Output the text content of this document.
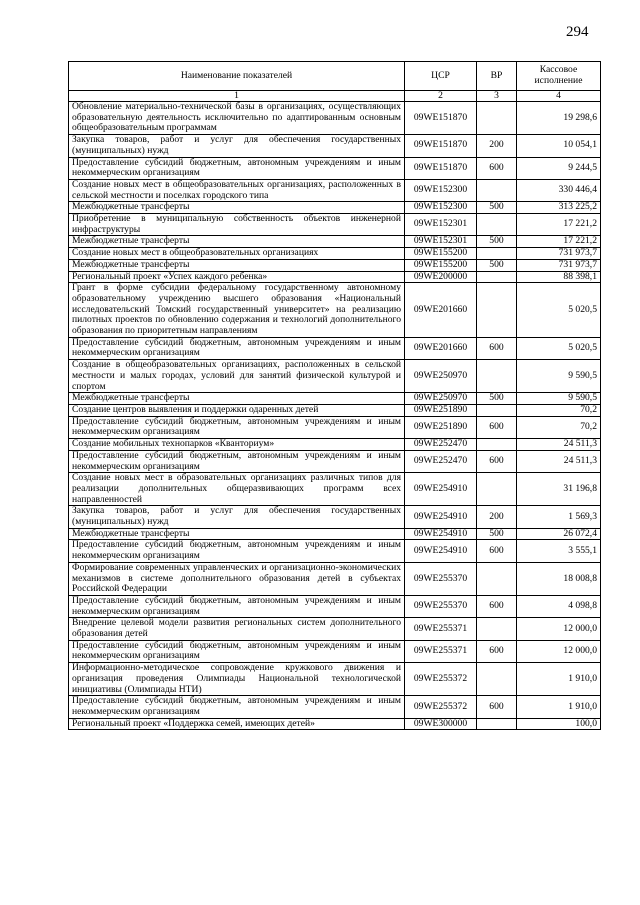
294
Наименование показателей	ЦСР	ВР	Кассовое исполнение
1	2	3	4
Обновление материально-технической базы в организациях, осуществляющих образовательную деятельность исключительно по адаптированным основным общеобразовательным программам	09WE151870		19 298,6
Закупка товаров, работ и услуг для обеспечения государственных (муниципальных) нужд	09WE151870	200	10 054,1
Предоставление субсидий бюджетным, автономным учреждениям и иным некоммерческим организациям	09WE151870	600	9 244,5
Создание новых мест в общеобразовательных организациях, расположенных в сельской местности и поселках городского типа	09WE152300		330 446,4
Межбюджетные трансферты	09WE152300	500	313 225,2
Приобретение в муниципальную собственность объектов инженерной инфраструктуры	09WE152301		17 221,2
Межбюджетные трансферты	09WE152301	500	17 221,2
Создание новых мест в общеобразовательных организациях	09WE155200		731 973,7
Межбюджетные трансферты	09WE155200	500	731 973,7
Региональный проект «Успех каждого ребенка»	09WE200000		88 398,1
Грант в форме субсидии федеральному государственному автономному образовательному учреждению высшего образования «Национальный исследовательский Томский государственный университет» на реализацию пилотных проектов по обновлению содержания и технологий дополнительного образования по приоритетным направлениям	09WE201660		5 020,5
Предоставление субсидий бюджетным, автономным учреждениям и иным некоммерческим организациям	09WE201660	600	5 020,5
Создание в общеобразовательных организациях, расположенных в сельской местности и малых городах, условий для занятий физической культурой и спортом	09WE250970		9 590,5
Межбюджетные трансферты	09WE250970	500	9 590,5
Создание центров выявления и поддержки одаренных детей	09WE251890		70,2
Предоставление субсидий бюджетным, автономным учреждениям и иным некоммерческим организациям	09WE251890	600	70,2
Создание мобильных технопарков «Кванториум»	09WE252470		24 511,3
Предоставление субсидий бюджетным, автономным учреждениям и иным некоммерческим организациям	09WE252470	600	24 511,3
Создание новых мест в образовательных организациях различных типов для реализации дополнительных общеразвивающих программ всех направленностей	09WE254910		31 196,8
Закупка товаров, работ и услуг для обеспечения государственных (муниципальных) нужд	09WE254910	200	1 569,3
Межбюджетные трансферты	09WE254910	500	26 072,4
Предоставление субсидий бюджетным, автономным учреждениям и иным некоммерческим организациям	09WE254910	600	3 555,1
Формирование современных управленческих и организационно-экономических механизмов в системе дополнительного образования детей в субъектах Российской Федерации	09WE255370		18 008,8
Предоставление субсидий бюджетным, автономным учреждениям и иным некоммерческим организациям	09WE255370	600	4 098,8
Внедрение целевой модели развития региональных систем дополнительного образования детей	09WE255371		12 000,0
Предоставление субсидий бюджетным, автономным учреждениям и иным некоммерческим организациям	09WE255371	600	12 000,0
Информационно-методическое сопровождение кружкового движения и организация проведения Олимпиады Национальной технологической инициативы (Олимпиады НТИ)	09WE255372		1 910,0
Предоставление субсидий бюджетным, автономным учреждениям и иным некоммерческим организациям	09WE255372	600	1 910,0
Региональный проект «Поддержка семей, имеющих детей»	09WE300000		100,0
